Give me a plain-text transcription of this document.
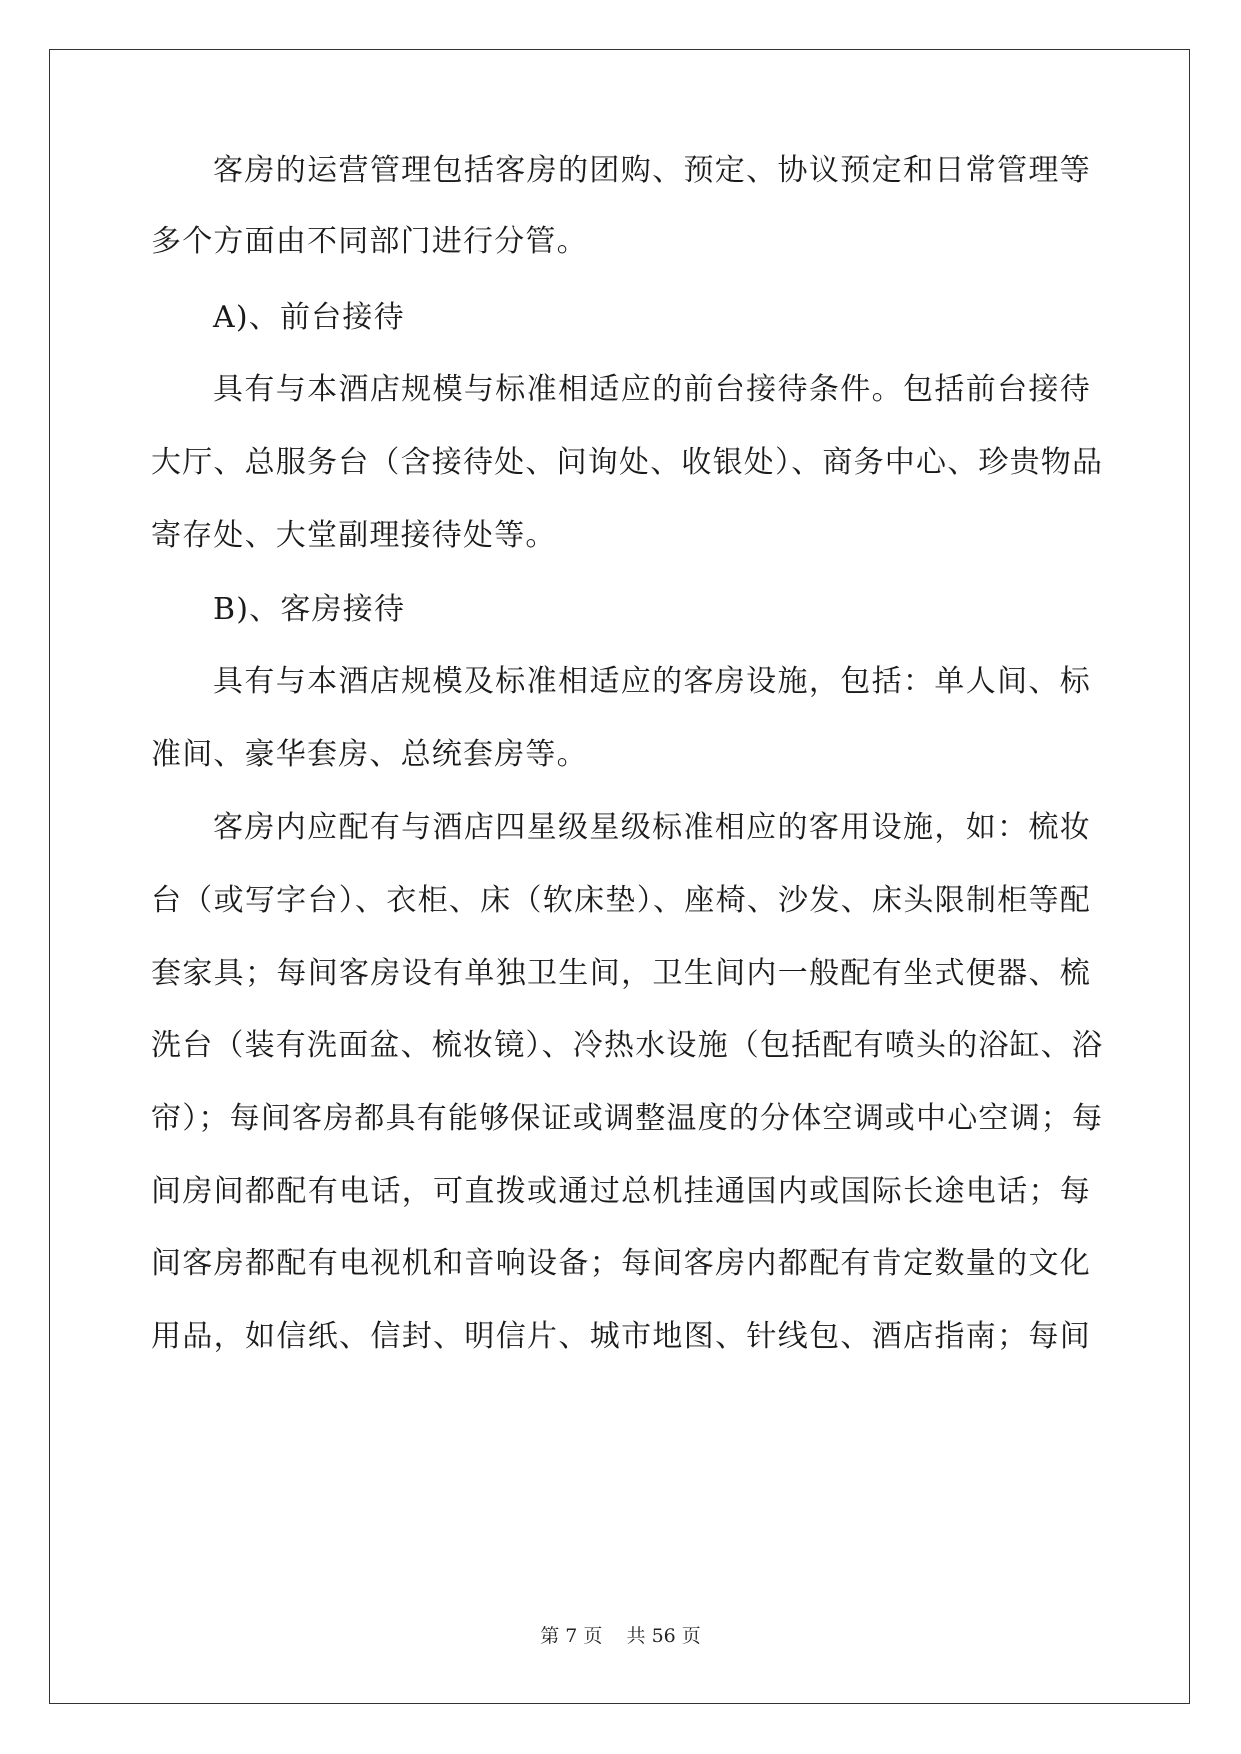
客房的运营管理包括客房的团购、预定、协议预定和日常管理等
多个方面由不同部门进行分管。
A)、前台接待
具有与本酒店规模与标准相适应的前台接待条件。包括前台接待
大厅、总服务台（含接待处、问询处、收银处）、商务中心、珍贵物品
寄存处、大堂副理接待处等。
B)、客房接待
具有与本酒店规模及标准相适应的客房设施，包括：单人间、标
准间、豪华套房、总统套房等。
客房内应配有与酒店四星级星级标准相应的客用设施，如：梳妆
台（或写字台）、衣柜、床（软床垫）、座椅、沙发、床头限制柜等配
套家具；每间客房设有单独卫生间，卫生间内一般配有坐式便器、梳
洗台（装有洗面盆、梳妆镜）、冷热水设施（包括配有喷头的浴缸、浴
帘）；每间客房都具有能够保证或调整温度的分体空调或中心空调；每
间房间都配有电话，可直拨或通过总机挂通国内或国际长途电话；每
间客房都配有电视机和音响设备；每间客房内都配有肯定数量的文化
用品，如信纸、信封、明信片、城市地图、针线包、酒店指南；每间
第 7 页    共 56 页
